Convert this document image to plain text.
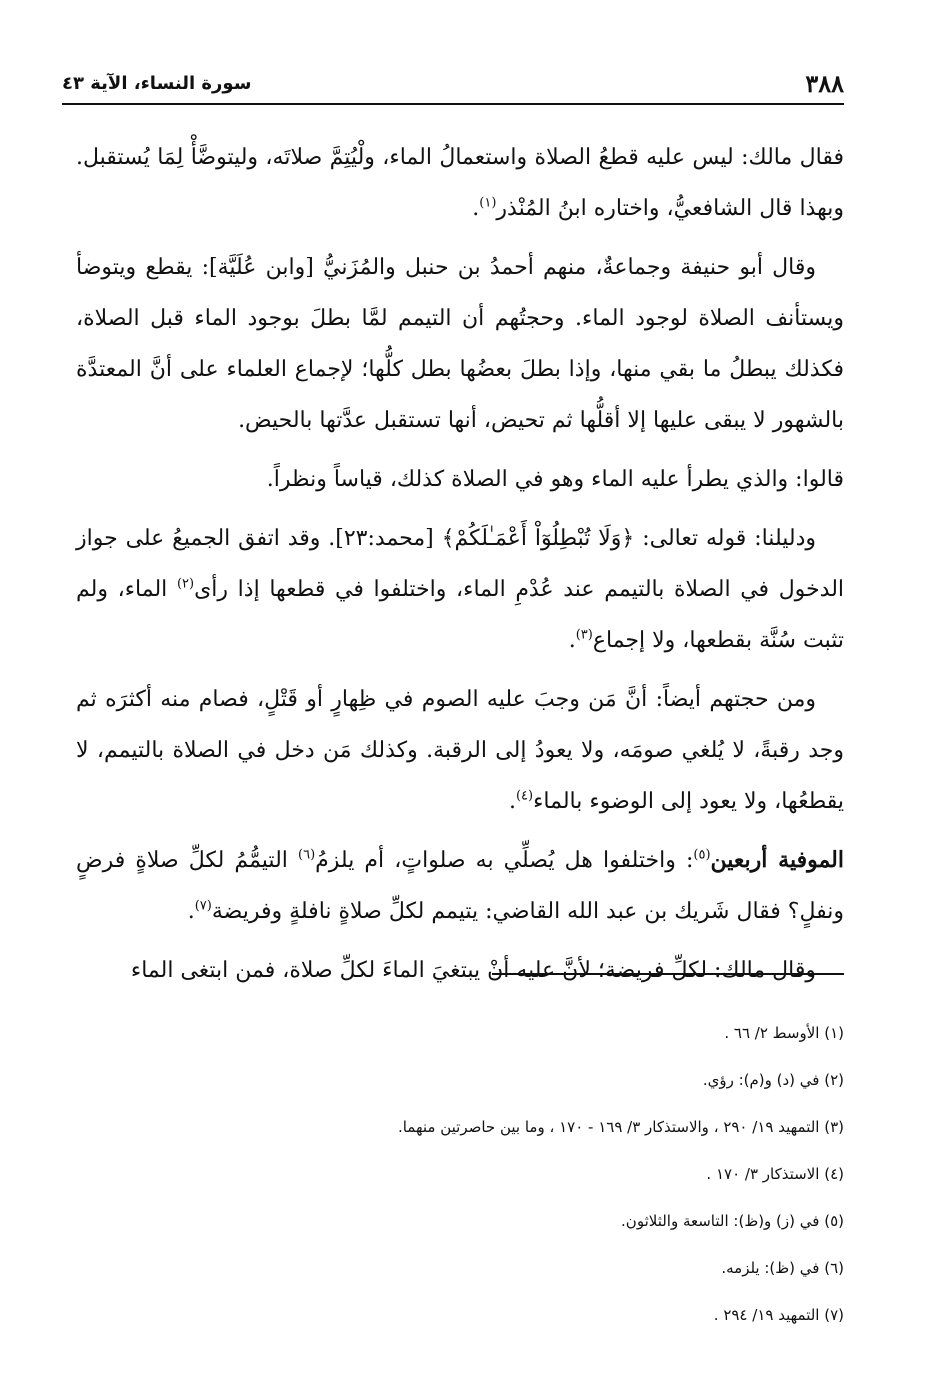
٣٨٨
سورة النساء، الآية ٤٣

فقال مالك: ليس عليه قطعُ الصلاة واستعمالُ الماء، ولْيُتِمَّ صلاتَه، وليتوضَّأْ لِمَا يُستقبل. وبهذا قال الشافعيُّ، واختاره ابنُ المُنْذر$^{(١)}$.

وقال أبو حنيفة وجماعةٌ، منهم أحمدُ بن حنبل والمُزَنيُّ [وابن عُلَيَّة]: يقطع ويتوضأ ويستأنف الصلاة لوجود الماء. وحجتُهم أن التيمم لمَّا بطلَ بوجود الماء قبل الصلاة، فكذلك يبطلُ ما بقي منها، وإذا بطلَ بعضُها بطل كلُّها؛ لإجماع العلماء على أنَّ المعتدَّة بالشهور لا يبقى عليها إلا أقلُّها ثم تحيض، أنها تستقبل عدَّتها بالحيض.

قالوا: والذي يطرأ عليه الماء وهو في الصلاة كذلك، قياساً ونظراً.

ودليلنا: قوله تعالى: ﴿وَلَا تُبْطِلُوٓاْ أَعْمَـٰلَكُمْ﴾ [محمد:٢٣]. وقد اتفق الجميعُ على جواز الدخول في الصلاة بالتيمم عند عُدْمِ الماء، واختلفوا في قطعها إذا رأى$^{(٢)}$ الماء، ولم تثبت سُنَّة بقطعها، ولا إجماع$^{(٣)}$.

ومن حجتهم أيضاً: أنَّ مَن وجبَ عليه الصوم في ظِهارٍ أو قَتْلٍ، فصام منه أكثرَه ثم وجد رقبةً، لا يُلغي صومَه، ولا يعودُ إلى الرقبة. وكذلك مَن دخل في الصلاة بالتيمم، لا يقطعُها، ولا يعود إلى الوضوء بالماء$^{(٤)}$.

الموفية أربعين$^{(٥)}$: واختلفوا هل يُصلِّي به صلواتٍ، أم يلزمُ$^{(٦)}$ التيمُّمُ لكلِّ صلاةٍ فرضٍ ونفلٍ؟ فقال شَريك بن عبد الله القاضي: يتيمم لكلِّ صلاةٍ نافلةٍ وفريضة$^{(٧)}$.

وقال مالك: لكلِّ فريضة؛ لأنَّ عليه أنْ يبتغيَ الماءَ لكلِّ صلاة، فمن ابتغى الماء

(١) الأوسط ٢/ ٦٦ .
(٢) في (د) و(م): رؤي.
(٣) التمهيد ١٩/ ٢٩٠ ، والاستذكار ٣/ ١٦٩ - ١٧٠ ، وما بين حاصرتين منهما.
(٤) الاستذكار ٣/ ١٧٠ .
(٥) في (ز) و(ظ): التاسعة والثلاثون.
(٦) في (ظ): يلزمه.
(٧) التمهيد ١٩/ ٢٩٤ .
